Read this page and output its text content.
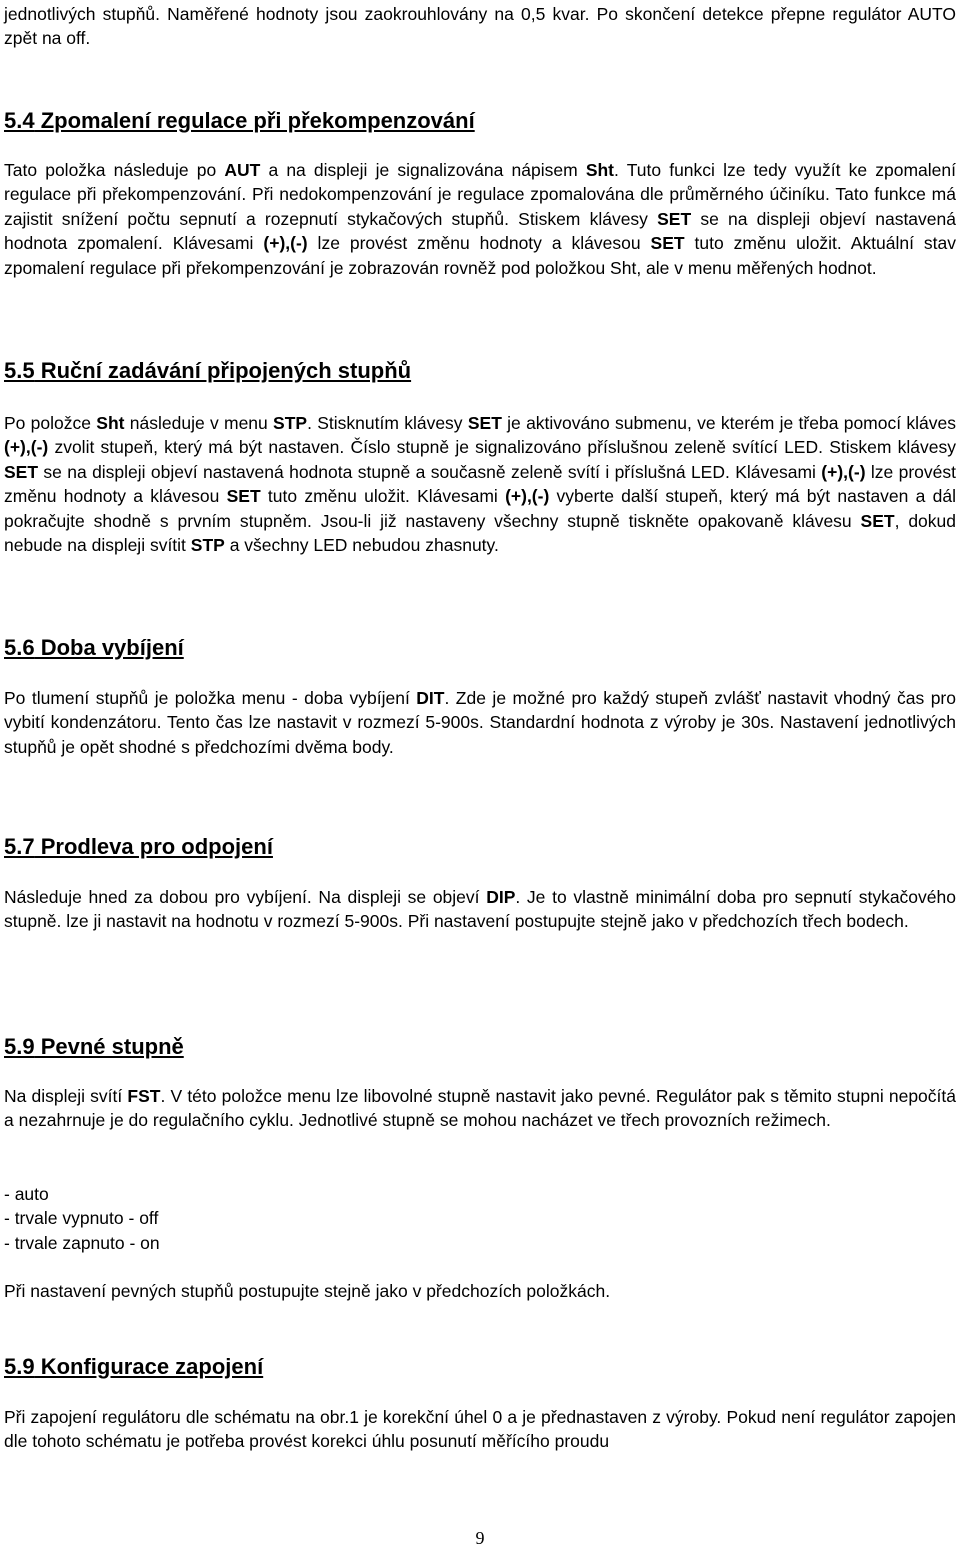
jednotlivých stupňů. Naměřené hodnoty jsou zaokrouhlovány na 0,5 kvar. Po skončení detekce přepne regulátor AUTO zpět na off.

5.4 Zpomalení regulace při překompenzování

Tato položka následuje po AUT a na displeji je signalizována nápisem Sht. Tuto funkci lze tedy využít ke zpomalení regulace při překompenzování. Při nedokompenzování je regulace zpomalována dle průměrného účiníku. Tato funkce má zajistit snížení počtu sepnutí a rozepnutí stykačových stupňů. Stiskem klávesy SET se na displeji objeví nastavená hodnota zpomalení. Klávesami (+),(-) lze provést změnu hodnoty a klávesou SET tuto změnu uložit. Aktuální stav zpomalení regulace při překompenzování je zobrazován rovněž pod položkou Sht, ale v menu měřených hodnot.

5.5 Ruční zadávání připojených stupňů

Po položce Sht následuje v menu STP. Stisknutím klávesy SET je aktivováno submenu, ve kterém je třeba pomocí kláves (+),(-) zvolit stupeň, který má být nastaven. Číslo stupně je signalizováno příslušnou zeleně svítící LED. Stiskem klávesy SET se na displeji objeví nastavená hodnota stupně a současně zeleně svítí i příslušná LED. Klávesami (+),(-) lze provést změnu hodnoty a klávesou SET tuto změnu uložit. Klávesami (+),(-) vyberte další stupeň, který má být nastaven a dál pokračujte shodně s prvním stupněm. Jsou-li již nastaveny všechny stupně tiskněte opakovaně klávesu SET, dokud nebude na displeji svítit STP a všechny LED nebudou zhasnuty.

5.6 Doba vybíjení

Po tlumení stupňů je položka menu - doba vybíjení DIT. Zde je možné pro každý stupeň zvlášť nastavit vhodný čas pro vybití kondenzátoru. Tento čas lze nastavit v rozmezí 5-900s. Standardní hodnota z výroby je 30s. Nastavení jednotlivých stupňů je opět shodné s předchozími dvěma body.

5.7 Prodleva pro odpojení

Následuje hned za dobou pro vybíjení. Na displeji se objeví DIP. Je to vlastně minimální doba pro sepnutí stykačového stupně. lze ji nastavit na hodnotu v rozmezí 5-900s. Při nastavení postupujte stejně jako v předchozích třech bodech.

5.9 Pevné stupně

Na displeji svítí FST. V této položce menu lze libovolné stupně nastavit jako pevné. Regulátor pak s těmito stupni nepočítá a nezahrnuje je do regulačního cyklu. Jednotlivé stupně se mohou nacházet ve třech provozních režimech.

- auto

- trvale vypnuto - off

- trvale zapnuto - on

Při nastavení pevných stupňů postupujte stejně jako v předchozích položkách.

5.9 Konfigurace zapojení

Při zapojení regulátoru dle schématu na obr.1 je korekční úhel 0 a je přednastaven z výroby. Pokud není regulátor zapojen dle tohoto schématu je potřeba provést korekci úhlu posunutí měřícího proudu

9
